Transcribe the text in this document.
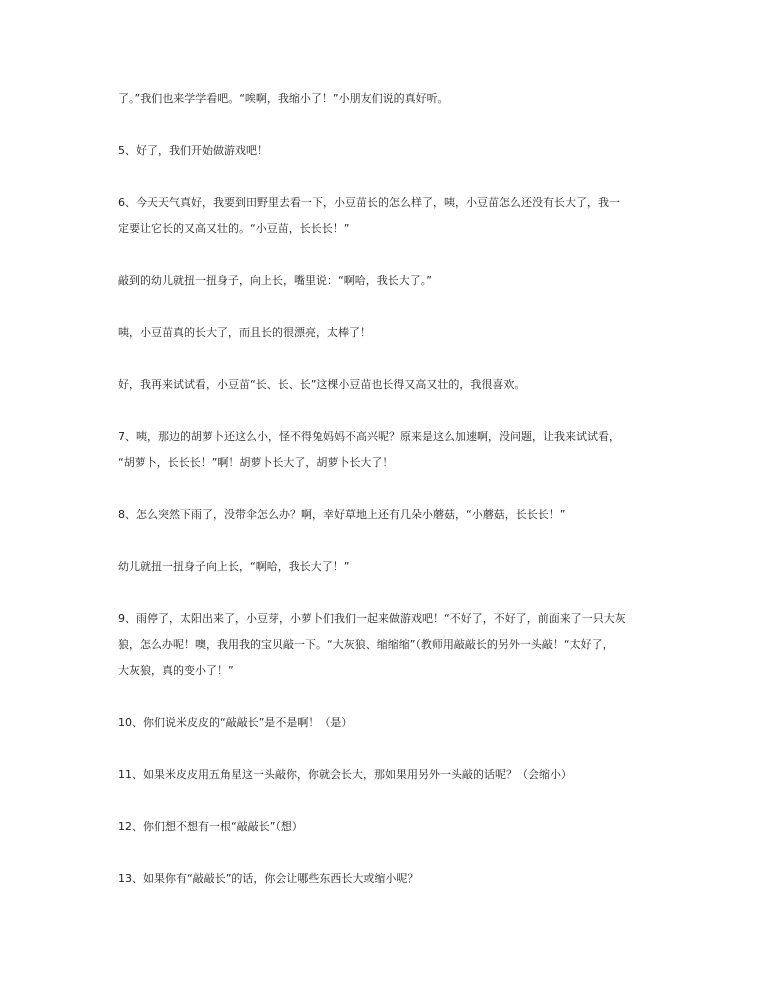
了。”我们也来学学看吧。“唉啊，我缩小了！”小朋友们说的真好听。

5、好了，我们开始做游戏吧！

6、今天天气真好，我要到田野里去看一下，小豆苗长的怎么样了，咦，小豆苗怎么还没有长大了，我一
定要让它长的又高又壮的。“小豆苗，长长长！”

敲到的幼儿就扭一扭身子，向上长，嘴里说：“啊哈，我长大了。”

咦，小豆苗真的长大了，而且长的很漂亮，太棒了！

好，我再来试试看，小豆苗“长、长、长”这棵小豆苗也长得又高又壮的，我很喜欢。

7、咦，那边的胡萝卜还这么小，怪不得兔妈妈不高兴呢？原来是这么加速啊，没问题，让我来试试看，
“胡萝卜，长长长！”啊！胡萝卜长大了，胡萝卜长大了！

8、怎么突然下雨了，没带伞怎么办？啊，幸好草地上还有几朵小蘑菇，“小蘑菇，长长长！”

幼儿就扭一扭身子向上长，“啊哈，我长大了！”

9、雨停了，太阳出来了，小豆芽，小萝卜们我们一起来做游戏吧！“不好了，不好了，前面来了一只大灰
狼，怎么办呢！噢，我用我的宝贝敲一下。“大灰狼、缩缩缩”（教师用敲敲长的另外一头敲！“太好了，
大灰狼，真的变小了！”

10、你们说米皮皮的“敲敲长”是不是啊！（是）

11、如果米皮皮用五角星这一头敲你，你就会长大，那如果用另外一头敲的话呢？（会缩小）

12、你们想不想有一根“敲敲长”（想）

13、如果你有“敲敲长”的话，你会让哪些东西长大或缩小呢？
